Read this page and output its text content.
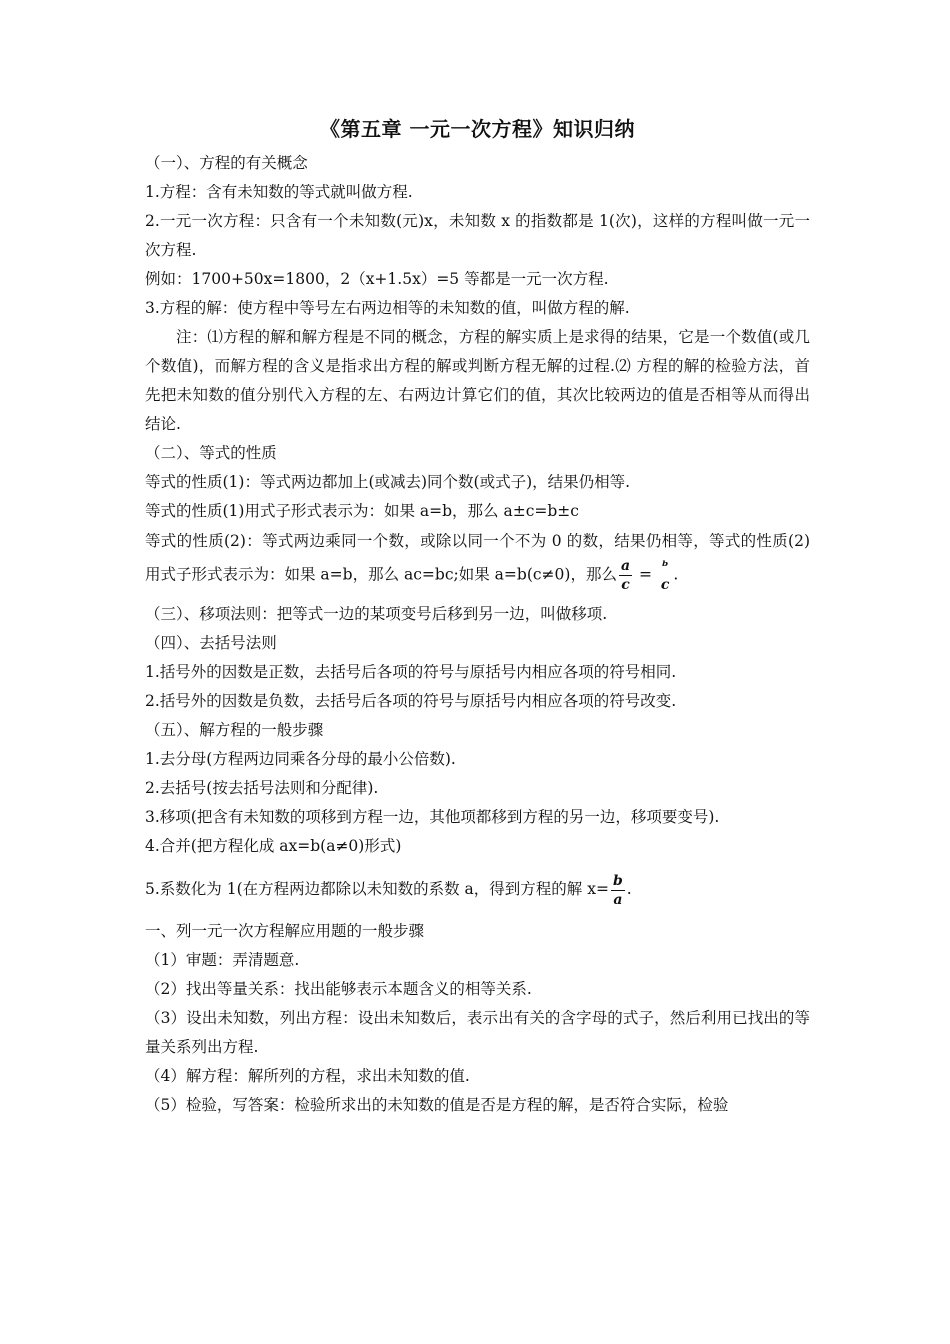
《第五章 一元一次方程》知识归纳

（一）、方程的有关概念

1.方程：含有未知数的等式就叫做方程.

2.一元一次方程：只含有一个未知数(元)x，未知数 x 的指数都是 1(次)，这样的方程叫做一元一次方程.

例如：1700+50x=1800，2（x+1.5x）=5 等都是一元一次方程.

3.方程的解：使方程中等号左右两边相等的未知数的值，叫做方程的解.

注：⑴方程的解和解方程是不同的概念，方程的解实质上是求得的结果，它是一个数值(或几个数值)，而解方程的含义是指求出方程的解或判断方程无解的过程.⑵ 方程的解的检验方法，首先把未知数的值分别代入方程的左、右两边计算它们的值，其次比较两边的值是否相等从而得出结论.

（二）、等式的性质

等式的性质(1)：等式两边都加上(或减去)同个数(或式子)，结果仍相等.

等式的性质(1)用式子形式表示为：如果 a=b，那么 a±c=b±c

等式的性质(2)：等式两边乘同一个数，或除以同一个不为 0 的数，结果仍相等，等式的性质(2)用式子形式表示为：如果 a=b，那么 ac=bc;如果 a=b(c≠0)，那么 $\frac{a}{c}$ = ᵇ
c
.

（三）、移项法则：把等式一边的某项变号后移到另一边，叫做移项.

（四）、去括号法则

1.括号外的因数是正数，去括号后各项的符号与原括号内相应各项的符号相同.

2.括号外的因数是负数，去括号后各项的符号与原括号内相应各项的符号改变.

（五）、解方程的一般步骤

1.去分母(方程两边同乘各分母的最小公倍数).

2.去括号(按去括号法则和分配律).

3.移项(把含有未知数的项移到方程一边，其他项都移到方程的另一边，移项要变号).

4.合并(把方程化成 ax=b(a≠0)形式)

5.系数化为 1(在方程两边都除以未知数的系数 a，得到方程的解 $x= \frac{b}{a}$ .

一、列一元一次方程解应用题的一般步骤

（1）审题：弄清题意.

（2）找出等量关系：找出能够表示本题含义的相等关系.

（3）设出未知数，列出方程：设出未知数后，表示出有关的含字母的式子，然后利用已找出的等量关系列出方程.

（4）解方程：解所列的方程，求出未知数的值.

（5）检验，写答案：检验所求出的未知数的值是否是方程的解，是否符合实际，检验
